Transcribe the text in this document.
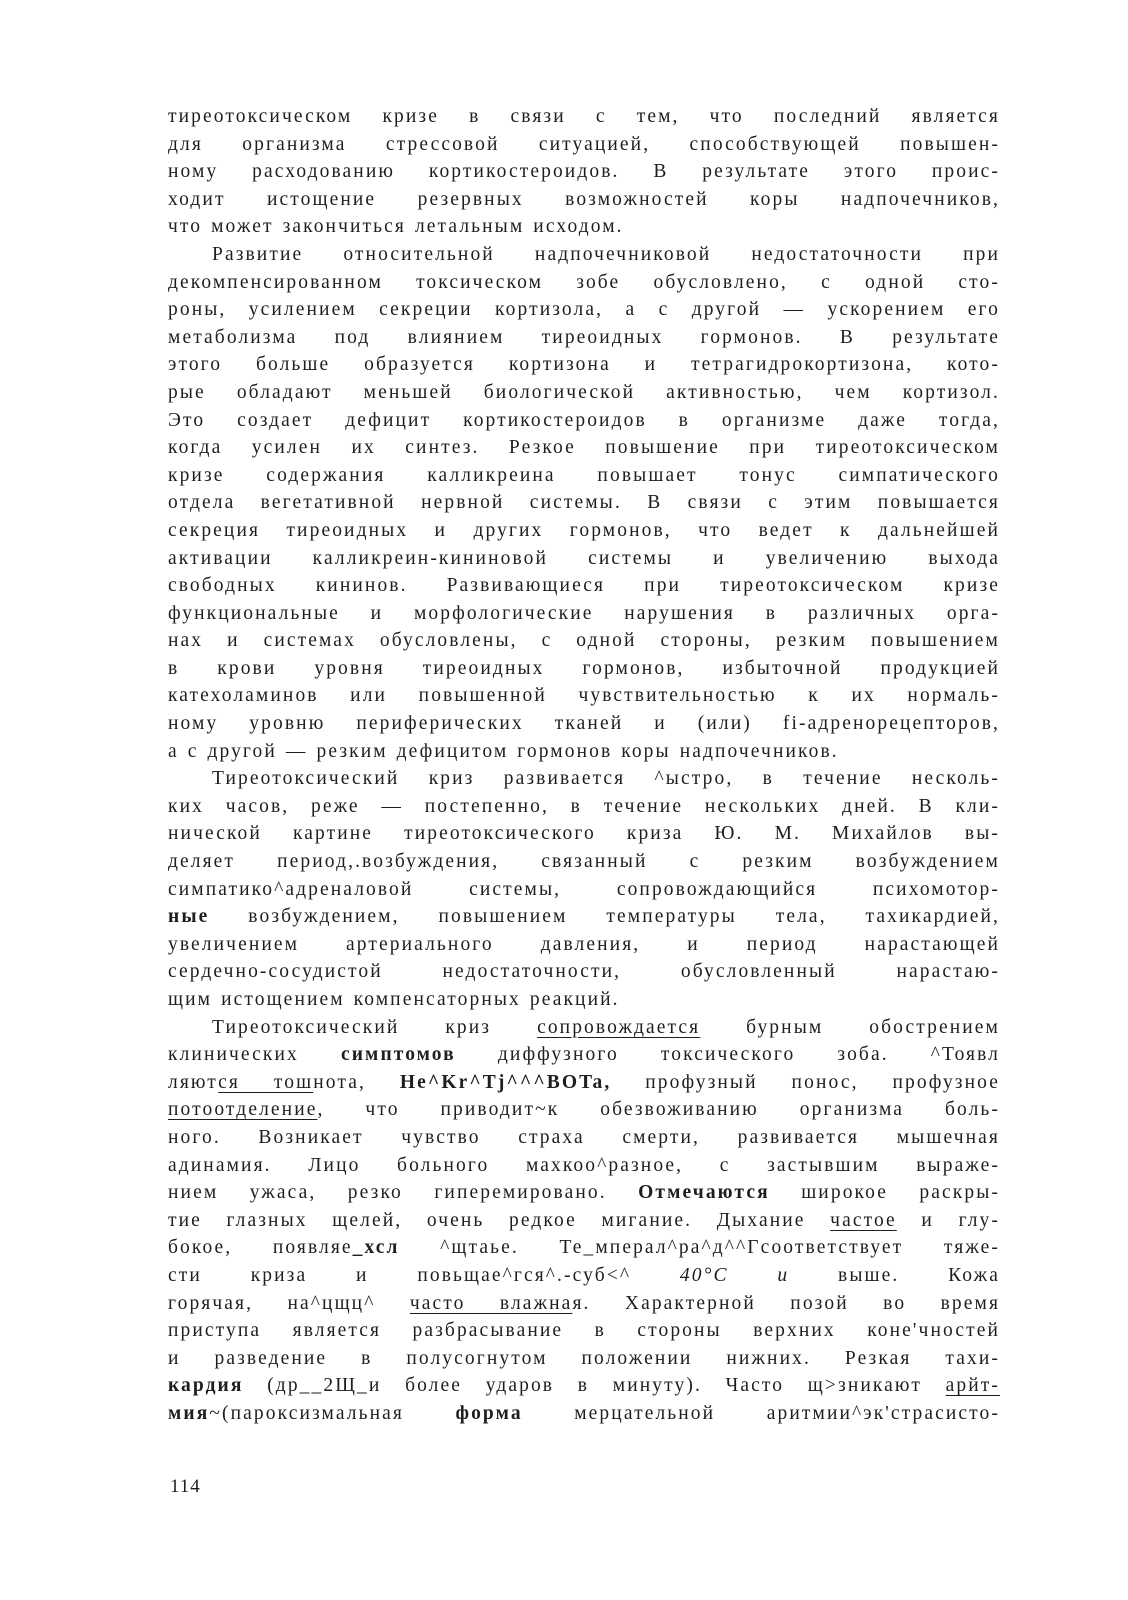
тиреотоксическом кризе в связи с тем, что последний является
для организма стрессовой ситуацией, способствующей повышен-
ному расходованию кортикостероидов. В результате этого проис-
ходит истощение резервных возможностей коры надпочечников,
что может закончиться летальным исходом.
Развитие относительной надпочечниковой недостаточности при
декомпенсированном токсическом зобе обусловлено, с одной сто-
роны, усилением секреции кортизола, а с другой — ускорением его
метаболизма под влиянием тиреоидных гормонов. В результате
этого больше образуется кортизона и тетрагидрокортизона, кото-
рые обладают меньшей биологической активностью, чем кортизол.
Это создает дефицит кортикостероидов в организме даже тогда,
когда усилен их синтез. Резкое повышение при тиреотоксическом
кризе содержания калликреина повышает тонус симпатического
отдела вегетативной нервной системы. В связи с этим повышается
секреция тиреоидных и других гормонов, что ведет к дальнейшей
активации калликреин-кининовой системы и увеличению выхода
свободных кининов. Развивающиеся при тиреотоксическом кризе
функциональные и морфологические нарушения в различных орга-
нах и системах обусловлены, с одной стороны, резким повышением
в крови уровня тиреоидных гормонов, избыточной продукцией
катехоламинов или повышенной чувствительностью к их нормаль-
ному уровню периферических тканей и (или) fi-адренорецепторов,
а с другой — резким дефицитом гормонов коры надпочечников.
Тиреотоксический криз развивается ^ыстро, в течение несколь-
ких часов, реже — постепенно, в течение нескольких дней. В кли-
нической картине тиреотоксического криза Ю. М. Михайлов вы-
деляет период,.возбуждения, связанный с резким возбуждением
симпатико^адреналовой системы, сопровождающийся психомотор-
ные возбуждением, повышением температуры тела, тахикардией,
увеличением артериального давления, и период нарастающей
сердечно-сосудистой недостаточности, обусловленный нарастаю-
щим истощением компенсаторных реакций.
Тиреотоксический криз сопровождается бурным обострением
клинических симптомов диффузного токсического зоба. ^Тоявл
ляются тошнота, He^Kr^Tj^^^BOTa, профузный понос, профузное
потоотделение, что приводит~к обезвоживанию организма боль-
ного. Возникает чувство страха смерти, развивается мышечная
адинамия. Лицо больного махкоо^разное, с застывшим выраже-
нием ужаса, резко гиперемировано. Отмечаются широкое раскры-
тие глазных щелей, очень редкое мигание. Дыхание частое и глу-
бокое, появляе_хсл ^щтаье. Те_мперал^ра^д^^Гсоответствует тяже-
сти криза и повьщае^гся^.-суб<^ 40°С и выше. Кожа
горячая, на^цщц^ часто влажная. Характерной позой во время
приступа является разбрасывание в стороны верхних коне'чностей
и разведение в полусогнутом положении нижних. Резкая тахи-
кардия (др__2Щ_и более ударов в минуту). Часто щ>зникают арйт-
мия~(пароксизмальная форма мерцательной аритмии^эк'страсисто-
114
